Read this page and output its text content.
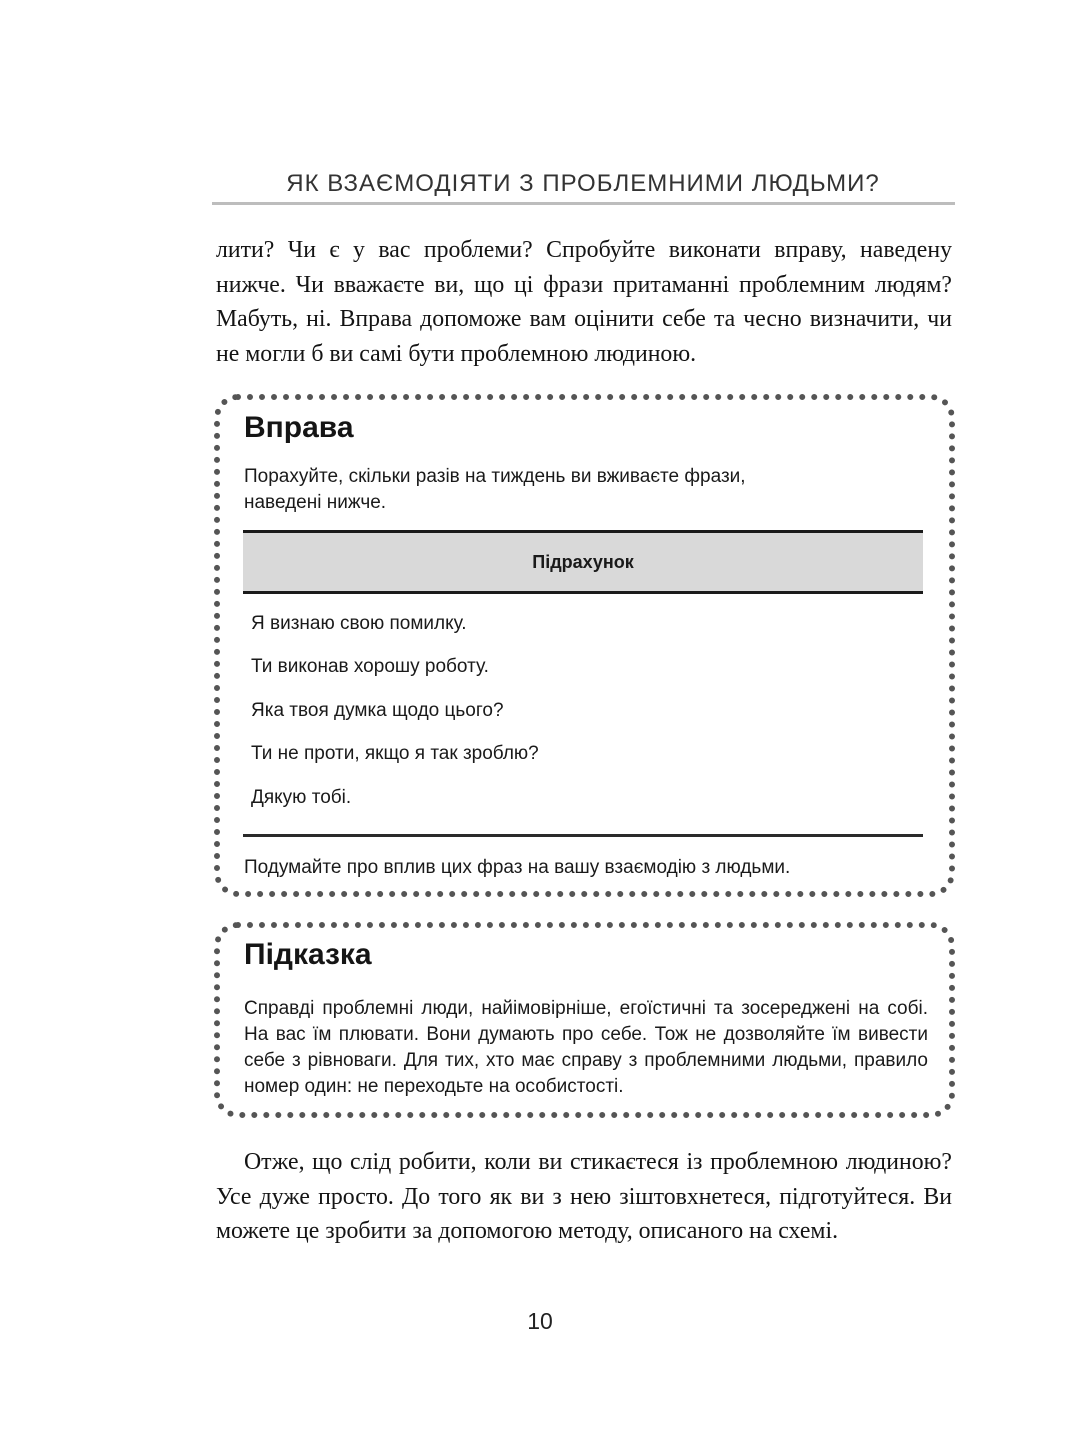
ЯК ВЗАЄМОДІЯТИ З ПРОБЛЕМНИМИ ЛЮДЬМИ?

лити? Чи є у вас проблеми? Спробуйте виконати вправу, наведену нижче. Чи вважаєте ви, що ці фрази притаманні проблемним людям? Мабуть, ні. Вправа допоможе вам оцінити себе та чесно визначити, чи не могли б ви самі бути проблемною людиною.

Вправа

Порахуйте, скільки разів на тиждень ви вживаєте фрази, наведені нижче.

Підрахунок
Я визнаю свою помилку.
Ти виконав хорошу роботу.
Яка твоя думка щодо цього?
Ти не проти, якщо я так зроблю?
Дякую тобі.

Подумайте про вплив цих фраз на вашу взаємодію з людьми.

Підказка

Справді проблемні люди, найімовірніше, егоїстичні та зосереджені на собі. На вас їм плювати. Вони думають про себе. Тож не дозволяйте їм вивести себе з рівноваги. Для тих, хто має справу з проблемними людьми, правило номер один: не переходьте на особистості.

Отже, що слід робити, коли ви стикаєтеся із проблемною людиною? Усе дуже просто. До того як ви з нею зіштовхнетеся, підготуйтеся. Ви можете це зробити за допомогою методу, описаного на схемі.

10
